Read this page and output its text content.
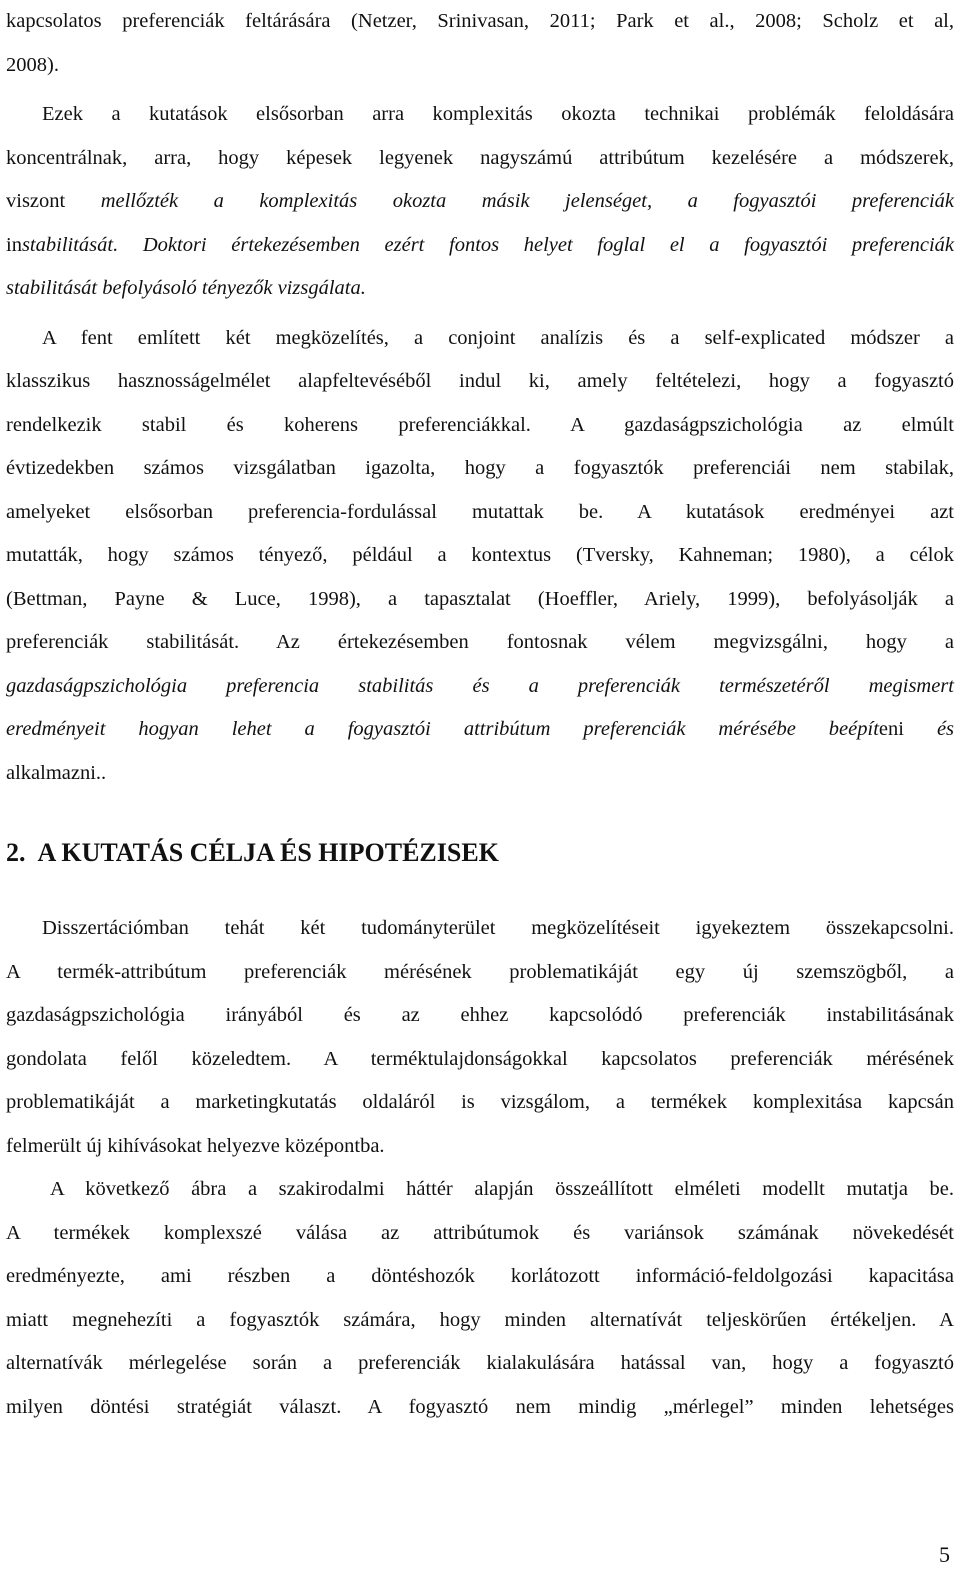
kapcsolatos preferenciák feltárására (Netzer, Srinivasan, 2011; Park et al., 2008; Scholz et al,
2008).
Ezek a kutatások elsősorban arra komplexitás okozta technikai problémák feloldására
koncentrálnak, arra, hogy képesek legyenek nagyszámú attribútum kezelésére a módszerek,
viszont mellőzték a komplexitás okozta másik jelenséget, a fogyasztói preferenciák
instabilitását. Doktori értekezésemben ezért fontos helyet foglal el a fogyasztói preferenciák
stabilitását befolyásoló tényezők vizsgálata.
A fent említett két megközelítés, a conjoint analízis és a self-explicated módszer a
klasszikus hasznosságelmélet alapfeltevéséből indul ki, amely feltételezi, hogy a fogyasztó
rendelkezik stabil és koherens preferenciákkal. A gazdaságpszichológia az elmúlt
évtizedekben számos vizsgálatban igazolta, hogy a fogyasztók preferenciái nem stabilak,
amelyeket elsősorban preferencia-fordulással mutattak be. A kutatások eredményei azt
mutatták, hogy számos tényező, például a kontextus (Tversky, Kahneman; 1980), a célok
(Bettman, Payne & Luce, 1998), a tapasztalat (Hoeffler, Ariely, 1999), befolyásolják a
preferenciák stabilitását. Az értekezésemben fontosnak vélem megvizsgálni, hogy a
gazdaságpszichológia preferencia stabilitás és a preferenciák természetéről megismert
eredményeit hogyan lehet a fogyasztói attribútum preferenciák mérésébe beépíteni és
alkalmazni..
2. A KUTATÁS CÉLJA ÉS HIPOTÉZISEK
Disszertációmban tehát két tudományterület megközelítéseit igyekeztem összekapcsolni.
A termék-attribútum preferenciák mérésének problematikáját egy új szemszögből, a
gazdaságpszichológia irányából és az ehhez kapcsolódó preferenciák instabilitásának
gondolata felől közeledtem. A terméktulajdonságokkal kapcsolatos preferenciák mérésének
problematikáját a marketingkutatás oldaláról is vizsgálom, a termékek komplexitása kapcsán
felmerült új kihívásokat helyezve középontba.
A következő ábra a szakirodalmi háttér alapján összeállított elméleti modellt mutatja be.
A termékek komplexszé válása az attribútumok és variánsok számának növekedését
eredményezte, ami részben a döntéshozók korlátozott információ-feldolgozási kapacitása
miatt megnehezíti a fogyasztók számára, hogy minden alternatívát teljeskörűen értékeljen. A
alternatívák mérlegelése során a preferenciák kialakulására hatással van, hogy a fogyasztó
milyen döntési stratégiát választ. A fogyasztó nem mindig „mérlegel” minden lehetséges
5
